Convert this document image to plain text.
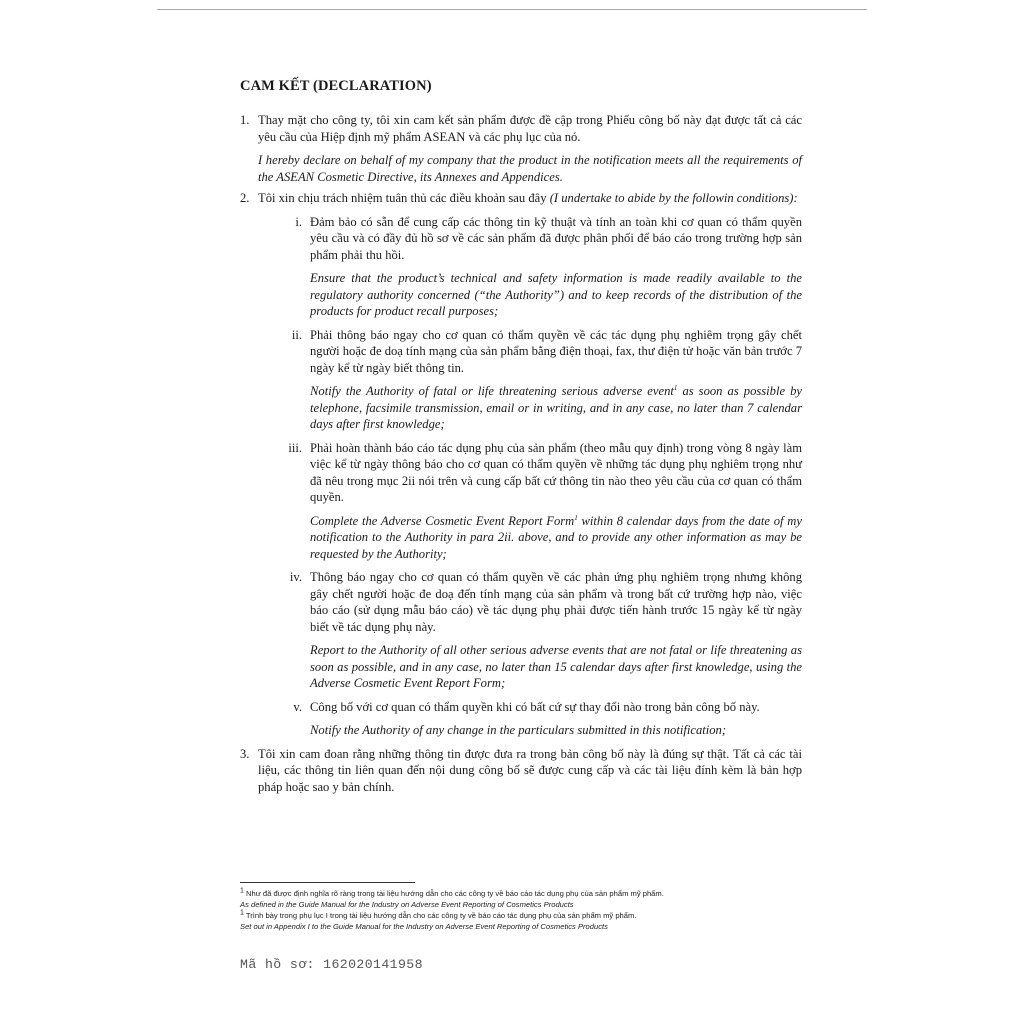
CAM KẾT (DECLARATION)
1. Thay mặt cho công ty, tôi xin cam kết sản phẩm được đề cập trong Phiếu công bố này đạt được tất cả các yêu cầu của Hiệp định mỹ phẩm ASEAN và các phụ lục của nó.

I hereby declare on behalf of my company that the product in the notification meets all the requirements of the ASEAN Cosmetic Directive, its Annexes and Appendices.

2. Tôi xin chịu trách nhiệm tuân thủ các điều khoản sau đây (I undertake to abide by the followin conditions):

i. Đảm bảo có sẵn để cung cấp các thông tin kỹ thuật và tính an toàn khi cơ quan có thẩm quyền yêu cầu và có đầy đủ hồ sơ về các sản phẩm đã được phân phối để báo cáo trong trường hợp sản phẩm phải thu hồi.

Ensure that the product’s technical and safety information is made readily available to the regulatory authority concerned (“the Authority”) and to keep records of the distribution of the products for product recall purposes;

ii. Phải thông báo ngay cho cơ quan có thẩm quyền về các tác dụng phụ nghiêm trọng gây chết người hoặc đe doạ tính mạng của sản phẩm bằng điện thoại, fax, thư điện tử hoặc văn bản trước 7 ngày kể từ ngày biết thông tin.

Notify the Authority of fatal or life threatening serious adverse event$^1$ as soon as possible by telephone, facsimile transmission, email or in writing, and in any case, no later than 7 calendar days after first knowledge;

iii. Phải hoàn thành báo cáo tác dụng phụ của sản phẩm (theo mẫu quy định) trong vòng 8 ngày làm việc kể từ ngày thông báo cho cơ quan có thẩm quyền về những tác dụng phụ nghiêm trọng như đã nêu trong mục 2ii nói trên và cung cấp bất cứ thông tin nào theo yêu cầu của cơ quan có thẩm quyền.

Complete the Adverse Cosmetic Event Report Form$^1$ within 8 calendar days from the date of my notification to the Authority in para 2ii. above, and to provide any other information as may be requested by the Authority;

iv. Thông báo ngay cho cơ quan có thẩm quyền về các phản ứng phụ nghiêm trọng nhưng không gây chết người hoặc đe doạ đến tính mạng của sản phẩm và trong bất cứ trường hợp nào, việc báo cáo (sử dụng mẫu báo cáo) về tác dụng phụ phải được tiến hành trước 15 ngày kể từ ngày biết về tác dụng phụ này.

Report to the Authority of all other serious adverse events that are not fatal or life threatening as soon as possible, and in any case, no later than 15 calendar days after first knowledge, using the Adverse Cosmetic Event Report Form;

v. Công bố với cơ quan có thẩm quyền khi có bất cứ sự thay đổi nào trong bản công bố này.

Notify the Authority of any change in the particulars submitted in this notification;

3. Tôi xin cam đoan rằng những thông tin được đưa ra trong bản công bố này là đúng sự thật. Tất cả các tài liệu, các thông tin liên quan đến nội dung công bố sẽ được cung cấp và các tài liệu đính kèm là bản hợp pháp hoặc sao y bản chính.

$^1$ Như đã được định nghĩa rõ ràng trong tài liệu hướng dẫn cho các công ty về báo cáo tác dụng phụ của sản phẩm mỹ phẩm.

As defined in the Guide Manual for the Industry on Adverse Event Reporting of Cosmetics Products

$^1$ Trình bày trong phụ lục I trong tài liệu hướng dẫn cho các công ty về báo cáo tác dụng phụ của sản phẩm mỹ phẩm.

Set out in Appendix I to the Guide Manual for the Industry on Adverse Event Reporting of Cosmetics Products

Mã hồ sơ: 162020141958
